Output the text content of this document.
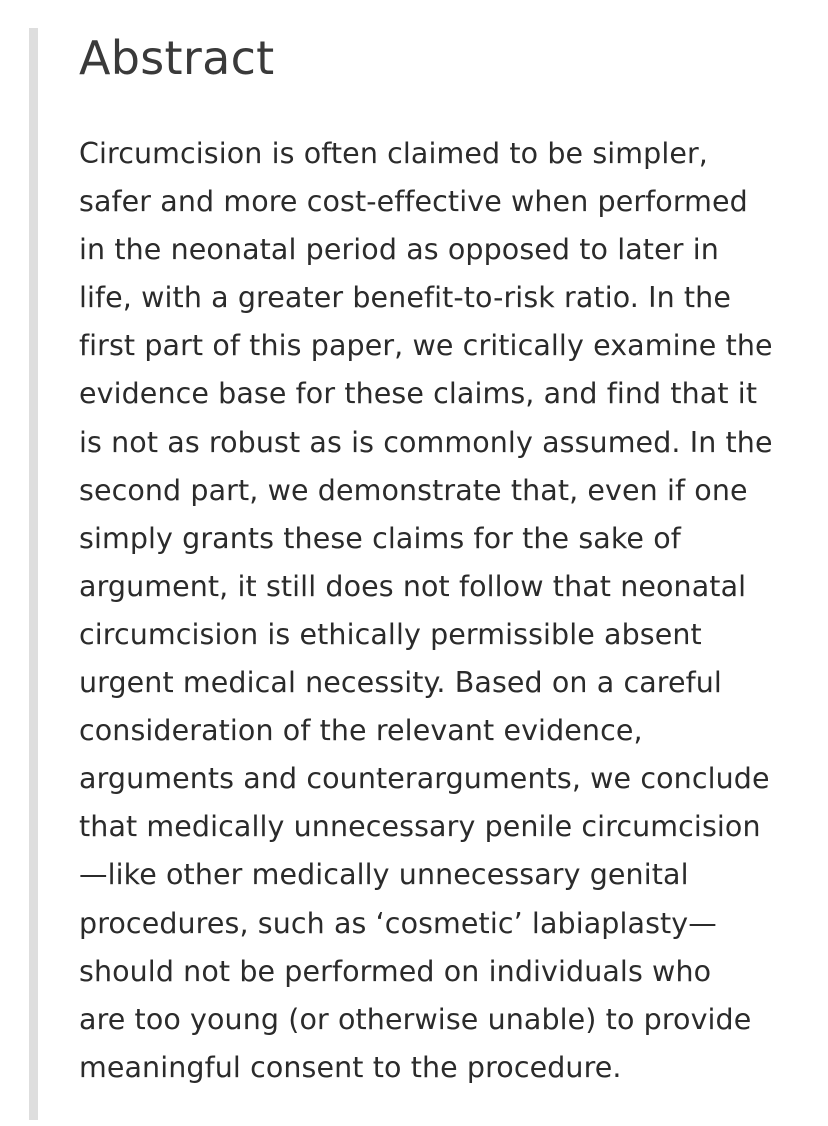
Abstract

Circumcision is often claimed to be simpler,
safer and more cost-effective when performed
in the neonatal period as opposed to later in
life, with a greater benefit-to-risk ratio. In the
first part of this paper, we critically examine the
evidence base for these claims, and find that it
is not as robust as is commonly assumed. In the
second part, we demonstrate that, even if one
simply grants these claims for the sake of
argument, it still does not follow that neonatal
circumcision is ethically permissible absent
urgent medical necessity. Based on a careful
consideration of the relevant evidence,
arguments and counterarguments, we conclude
that medically unnecessary penile circumcision
—like other medically unnecessary genital
procedures, such as ‘cosmetic’ labiaplasty—
should not be performed on individuals who
are too young (or otherwise unable) to provide
meaningful consent to the procedure.
